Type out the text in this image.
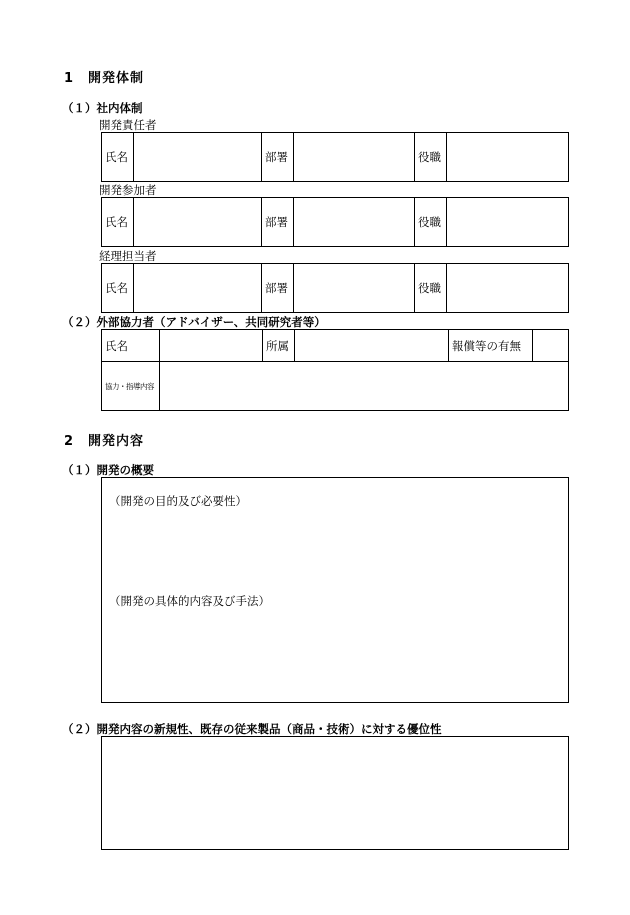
1　開発体制
（１）社内体制
開発責任者
氏名		部署		役職	
開発参加者
氏名		部署		役職	
経理担当者
氏名		部署		役職	
（２）外部協力者（アドバイザー、共同研究者等）
氏名		所属		報償等の有無	
協力・指導内容					
2　開発内容
（１）開発の概要
（開発の目的及び必要性）
（開発の具体的内容及び手法）
（２）開発内容の新規性、既存の従来製品（商品・技術）に対する優位性
